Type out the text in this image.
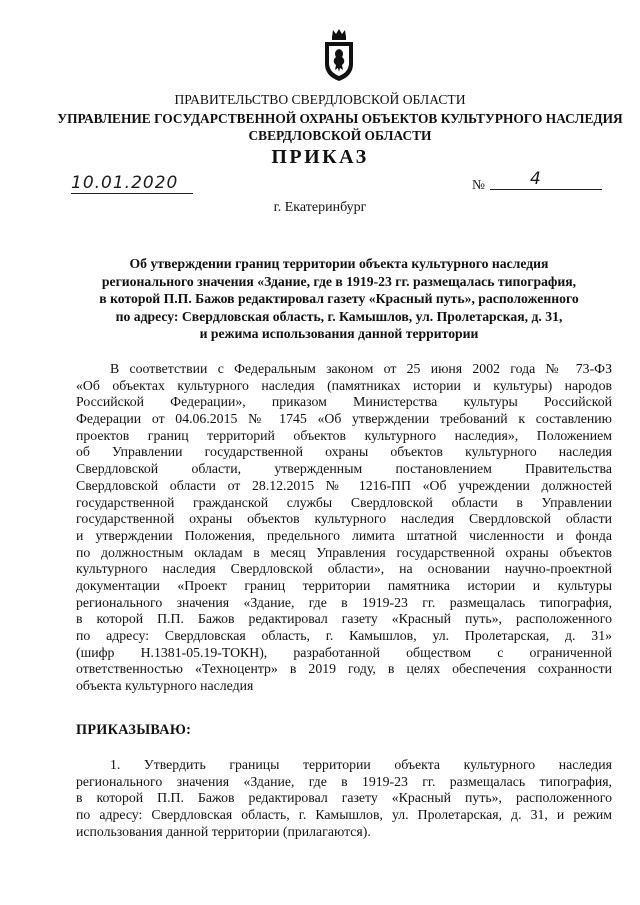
ПРАВИТЕЛЬСТВО СВЕРДЛОВСКОЙ ОБЛАСТИ
УПРАВЛЕНИЕ ГОСУДАРСТВЕННОЙ ОХРАНЫ ОБЪЕКТОВ КУЛЬТУРНОГО НАСЛЕДИЯ
СВЕРДЛОВСКОЙ ОБЛАСТИ
ПРИКАЗ
10.01.2020	№	4
г. Екатеринбург
Об утверждении границ территории объекта культурного наследия
регионального значения «Здание, где в 1919-23 гг. размещалась типография,
в которой П.П. Бажов редактировал газету «Красный путь», расположенного
по адресу: Свердловская область, г. Камышлов, ул. Пролетарская, д. 31,
и режима использования данной территории
В соответствии с Федеральным законом от 25 июня 2002 года № 73-ФЗ
«Об объектах культурного наследия (памятниках истории и культуры) народов
Российской Федерации», приказом Министерства культуры Российской
Федерации от 04.06.2015 № 1745 «Об утверждении требований к составлению
проектов границ территорий объектов культурного наследия», Положением
об Управлении государственной охраны объектов культурного наследия
Свердловской области, утвержденным постановлением Правительства
Свердловской области от 28.12.2015 № 1216-ПП «Об учреждении должностей
государственной гражданской службы Свердловской области в Управлении
государственной охраны объектов культурного наследия Свердловской области
и утверждении Положения, предельного лимита штатной численности и фонда
по должностным окладам в месяц Управления государственной охраны объектов
культурного наследия Свердловской области», на основании научно-проектной
документации «Проект границ территории памятника истории и культуры
регионального значения «Здание, где в 1919-23 гг. размещалась типография,
в которой П.П. Бажов редактировал газету «Красный путь», расположенного
по адресу: Свердловская область, г. Камышлов, ул. Пролетарская, д. 31»
(шифр Н.1381-05.19-ТОКН), разработанной обществом с ограниченной
ответственностью «Техноцентр» в 2019 году, в целях обеспечения сохранности
объекта культурного наследия
ПРИКАЗЫВАЮ:
1. Утвердить границы территории объекта культурного наследия
регионального значения «Здание, где в 1919-23 гг. размещалась типография,
в которой П.П. Бажов редактировал газету «Красный путь», расположенного
по адресу: Свердловская область, г. Камышлов, ул. Пролетарская, д. 31, и режим
использования данной территории (прилагаются).
